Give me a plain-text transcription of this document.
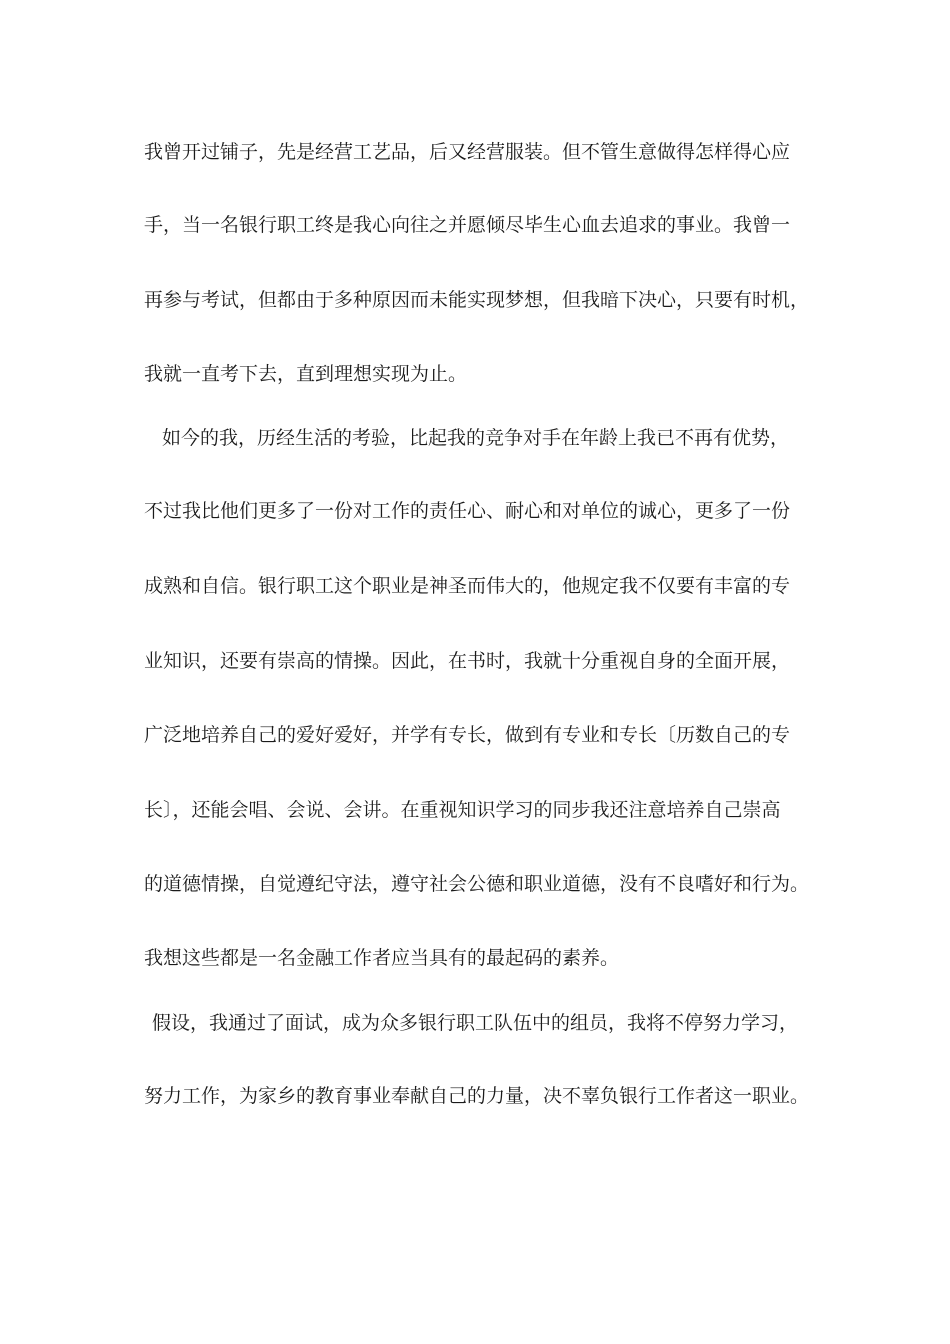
我曾开过铺子，先是经营工艺品，后又经营服装。但不管生意做得怎样得心应
手，当一名银行职工终是我心向往之并愿倾尽毕生心血去追求的事业。我曾一
再参与考试，但都由于多种原因而未能实现梦想，但我暗下决心，只要有时机，
我就一直考下去，直到理想实现为止。
如今的我，历经生活的考验，比起我的竞争对手在年龄上我已不再有优势，
不过我比他们更多了一份对工作的责任心、耐心和对单位的诚心，更多了一份
成熟和自信。银行职工这个职业是神圣而伟大的，他规定我不仅要有丰富的专
业知识，还要有崇高的情操。因此，在书时，我就十分重视自身的全面开展，
广泛地培养自己的爱好爱好，并学有专长，做到有专业和专长〔历数自己的专
长〕，还能会唱、会说、会讲。在重视知识学习的同步我还注意培养自己崇高
的道德情操，自觉遵纪守法，遵守社会公德和职业道德，没有不良嗜好和行为。
我想这些都是一名金融工作者应当具有的最起码的素养。
假设，我通过了面试，成为众多银行职工队伍中的组员，我将不停努力学习，
努力工作，为家乡的教育事业奉献自己的力量，决不辜负银行工作者这一职业。
